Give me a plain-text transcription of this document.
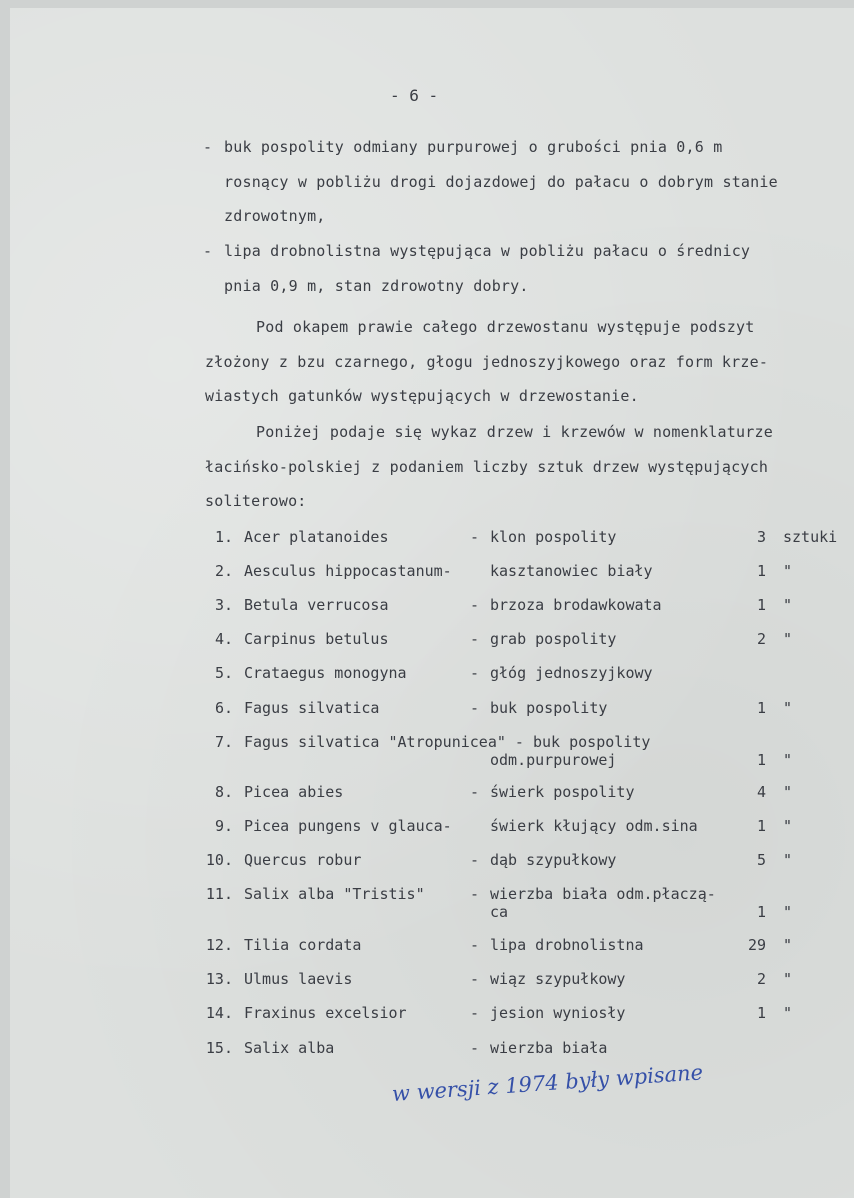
- 6 -
- buk pospolity odmiany purpurowej o grubości pnia 0,6 m
rosnący w pobliżu drogi dojazdowej do pałacu o dobrym stanie
zdrowotnym,
- lipa drobnolistna występująca w pobliżu pałacu o średnicy
pnia 0,9 m, stan zdrowotny dobry.
Pod okapem prawie całego drzewostanu występuje podszyt
złożony z bzu czarnego, głogu jednoszyjkowego oraz form krze-
wiastych gatunków występujących w drzewostanie.
Poniżej podaje się wykaz drzew i krzewów w nomenklaturze
łacińsko-polskiej z podaniem liczby sztuk drzew występujących
soliterowo:
1. Acer platanoides	- klon pospolity	3 sztuki
2. Aesculus hippocastanum-	kasztanowiec biały	1 "
3. Betula verrucosa	- brzoza brodawkowata	1 "
4. Carpinus betulus	- grab pospolity	2 "
5. Crataegus monogyna	- głóg jednoszyjkowy
6. Fagus silvatica	- buk pospolity	1 "
7. Fagus silvatica "Atropunicea" - buk pospolity
odm.purpurowej	1 "
8. Picea abies	- świerk pospolity	4 "
9. Picea pungens v glauca-	świerk kłujący odm.sina	1 "
10. Quercus robur	- dąb szypułkowy	5 "
11. Salix alba "Tristis"	- wierzba biała odm.płaczą-
ca	1 "
12. Tilia cordata	- lipa drobnolistna	29 "
13. Ulmus laevis	- wiąz szypułkowy	2 "
14. Fraxinus excelsior	- jesion wyniosły	1 "
15. Salix alba	- wierzba biała
w wersji z 1974 były wpisane
